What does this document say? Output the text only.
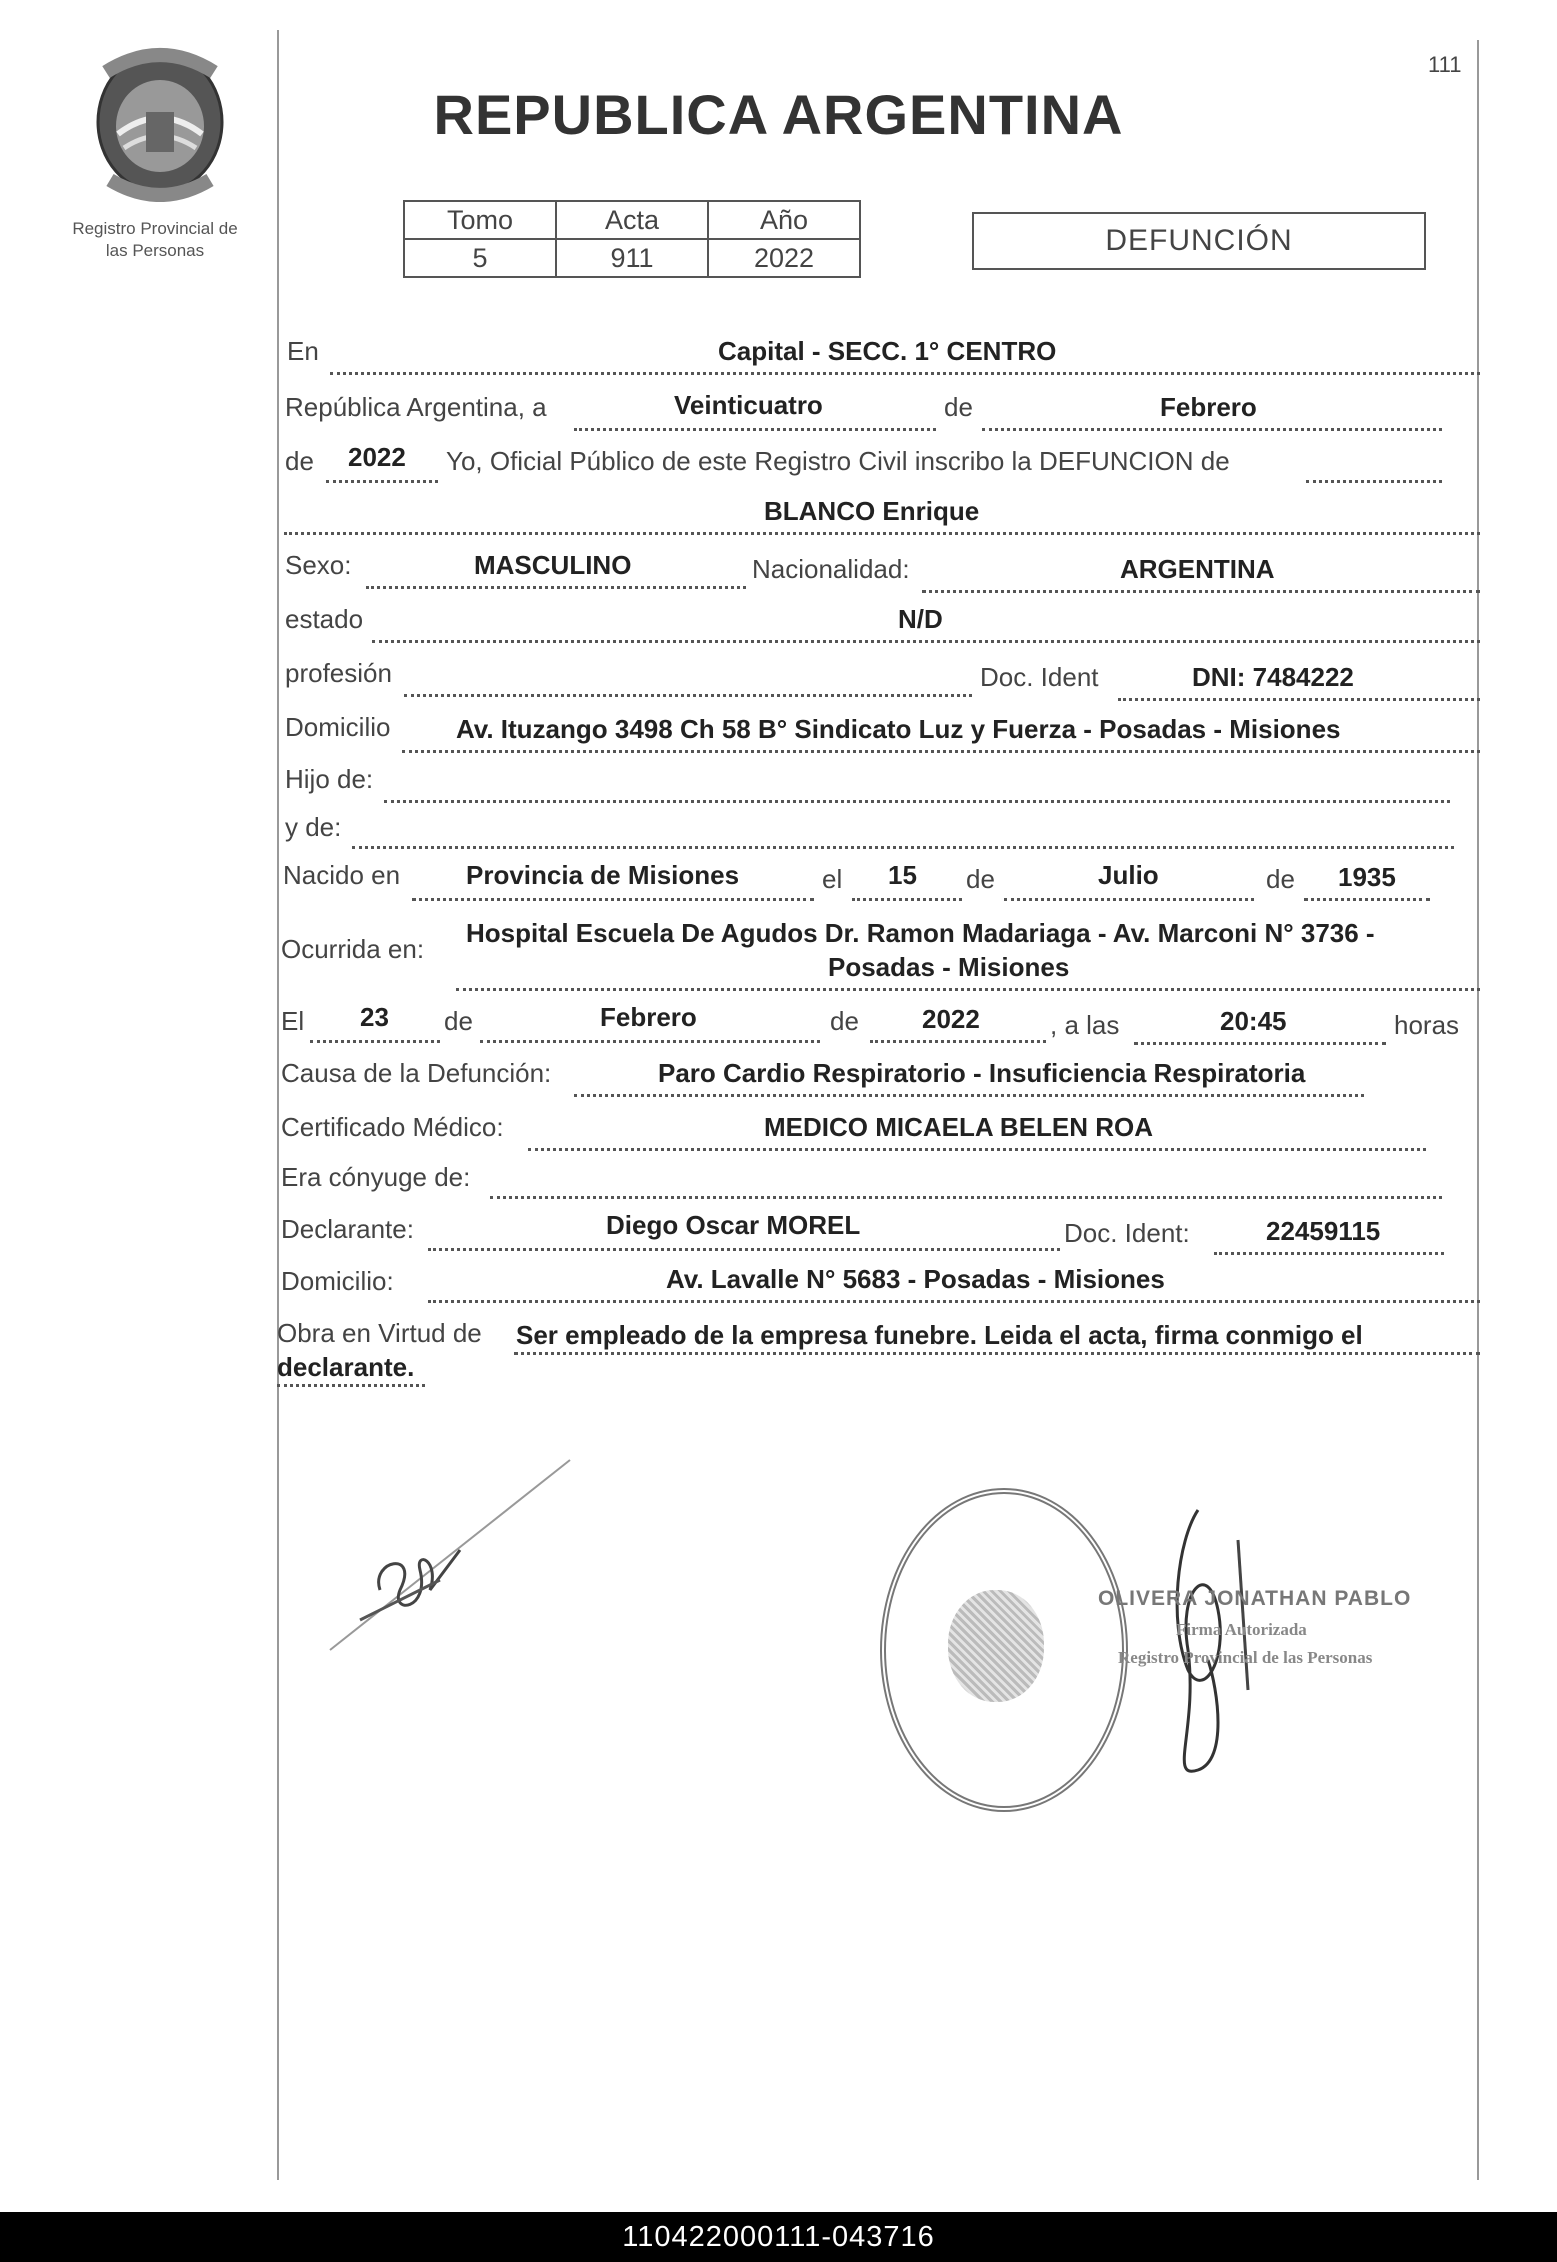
111
REPUBLICA ARGENTINA
Registro Provincial de
las Personas
Tomo	Acta	Año
5	911	2022
DEFUNCIÓN
En	Capital - SECC. 1° CENTRO
República Argentina, a	Veinticuatro	de	Febrero
de 2022 Yo, Oficial Público de este Registro Civil inscribo la DEFUNCION de
BLANCO Enrique
Sexo:	MASCULINO	Nacionalidad:	ARGENTINA
estado	N/D
profesión	Doc. Ident	DNI: 7484222
Domicilio	Av. Ituzango 3498 Ch 58 B° Sindicato Luz y Fuerza - Posadas - Misiones
Hijo de:
y de:
Nacido en	Provincia de Misiones	el 15 de	Julio	de 1935
Ocurrida en:
Hospital Escuela De Agudos Dr. Ramon Madariaga - Av. Marconi N° 3736 -
Posadas - Misiones
El 23 de	Febrero	de 2022	, a las	20:45	horas
Causa de la Defunción:	Paro Cardio Respiratorio - Insuficiencia Respiratoria
Certificado Médico:	MEDICO MICAELA BELEN ROA
Era cónyuge de:
Declarante:	Diego Oscar MOREL	Doc. Ident:	22459115
Domicilio:	Av. Lavalle N° 5683 - Posadas - Misiones
Obra en Virtud de Ser empleado de la empresa funebre. Leida el acta, firma conmigo el
declarante.
OLIVERA JONATHAN PABLO
Firma Autorizada
Registro Provincial de las Personas
110422000111-043716
